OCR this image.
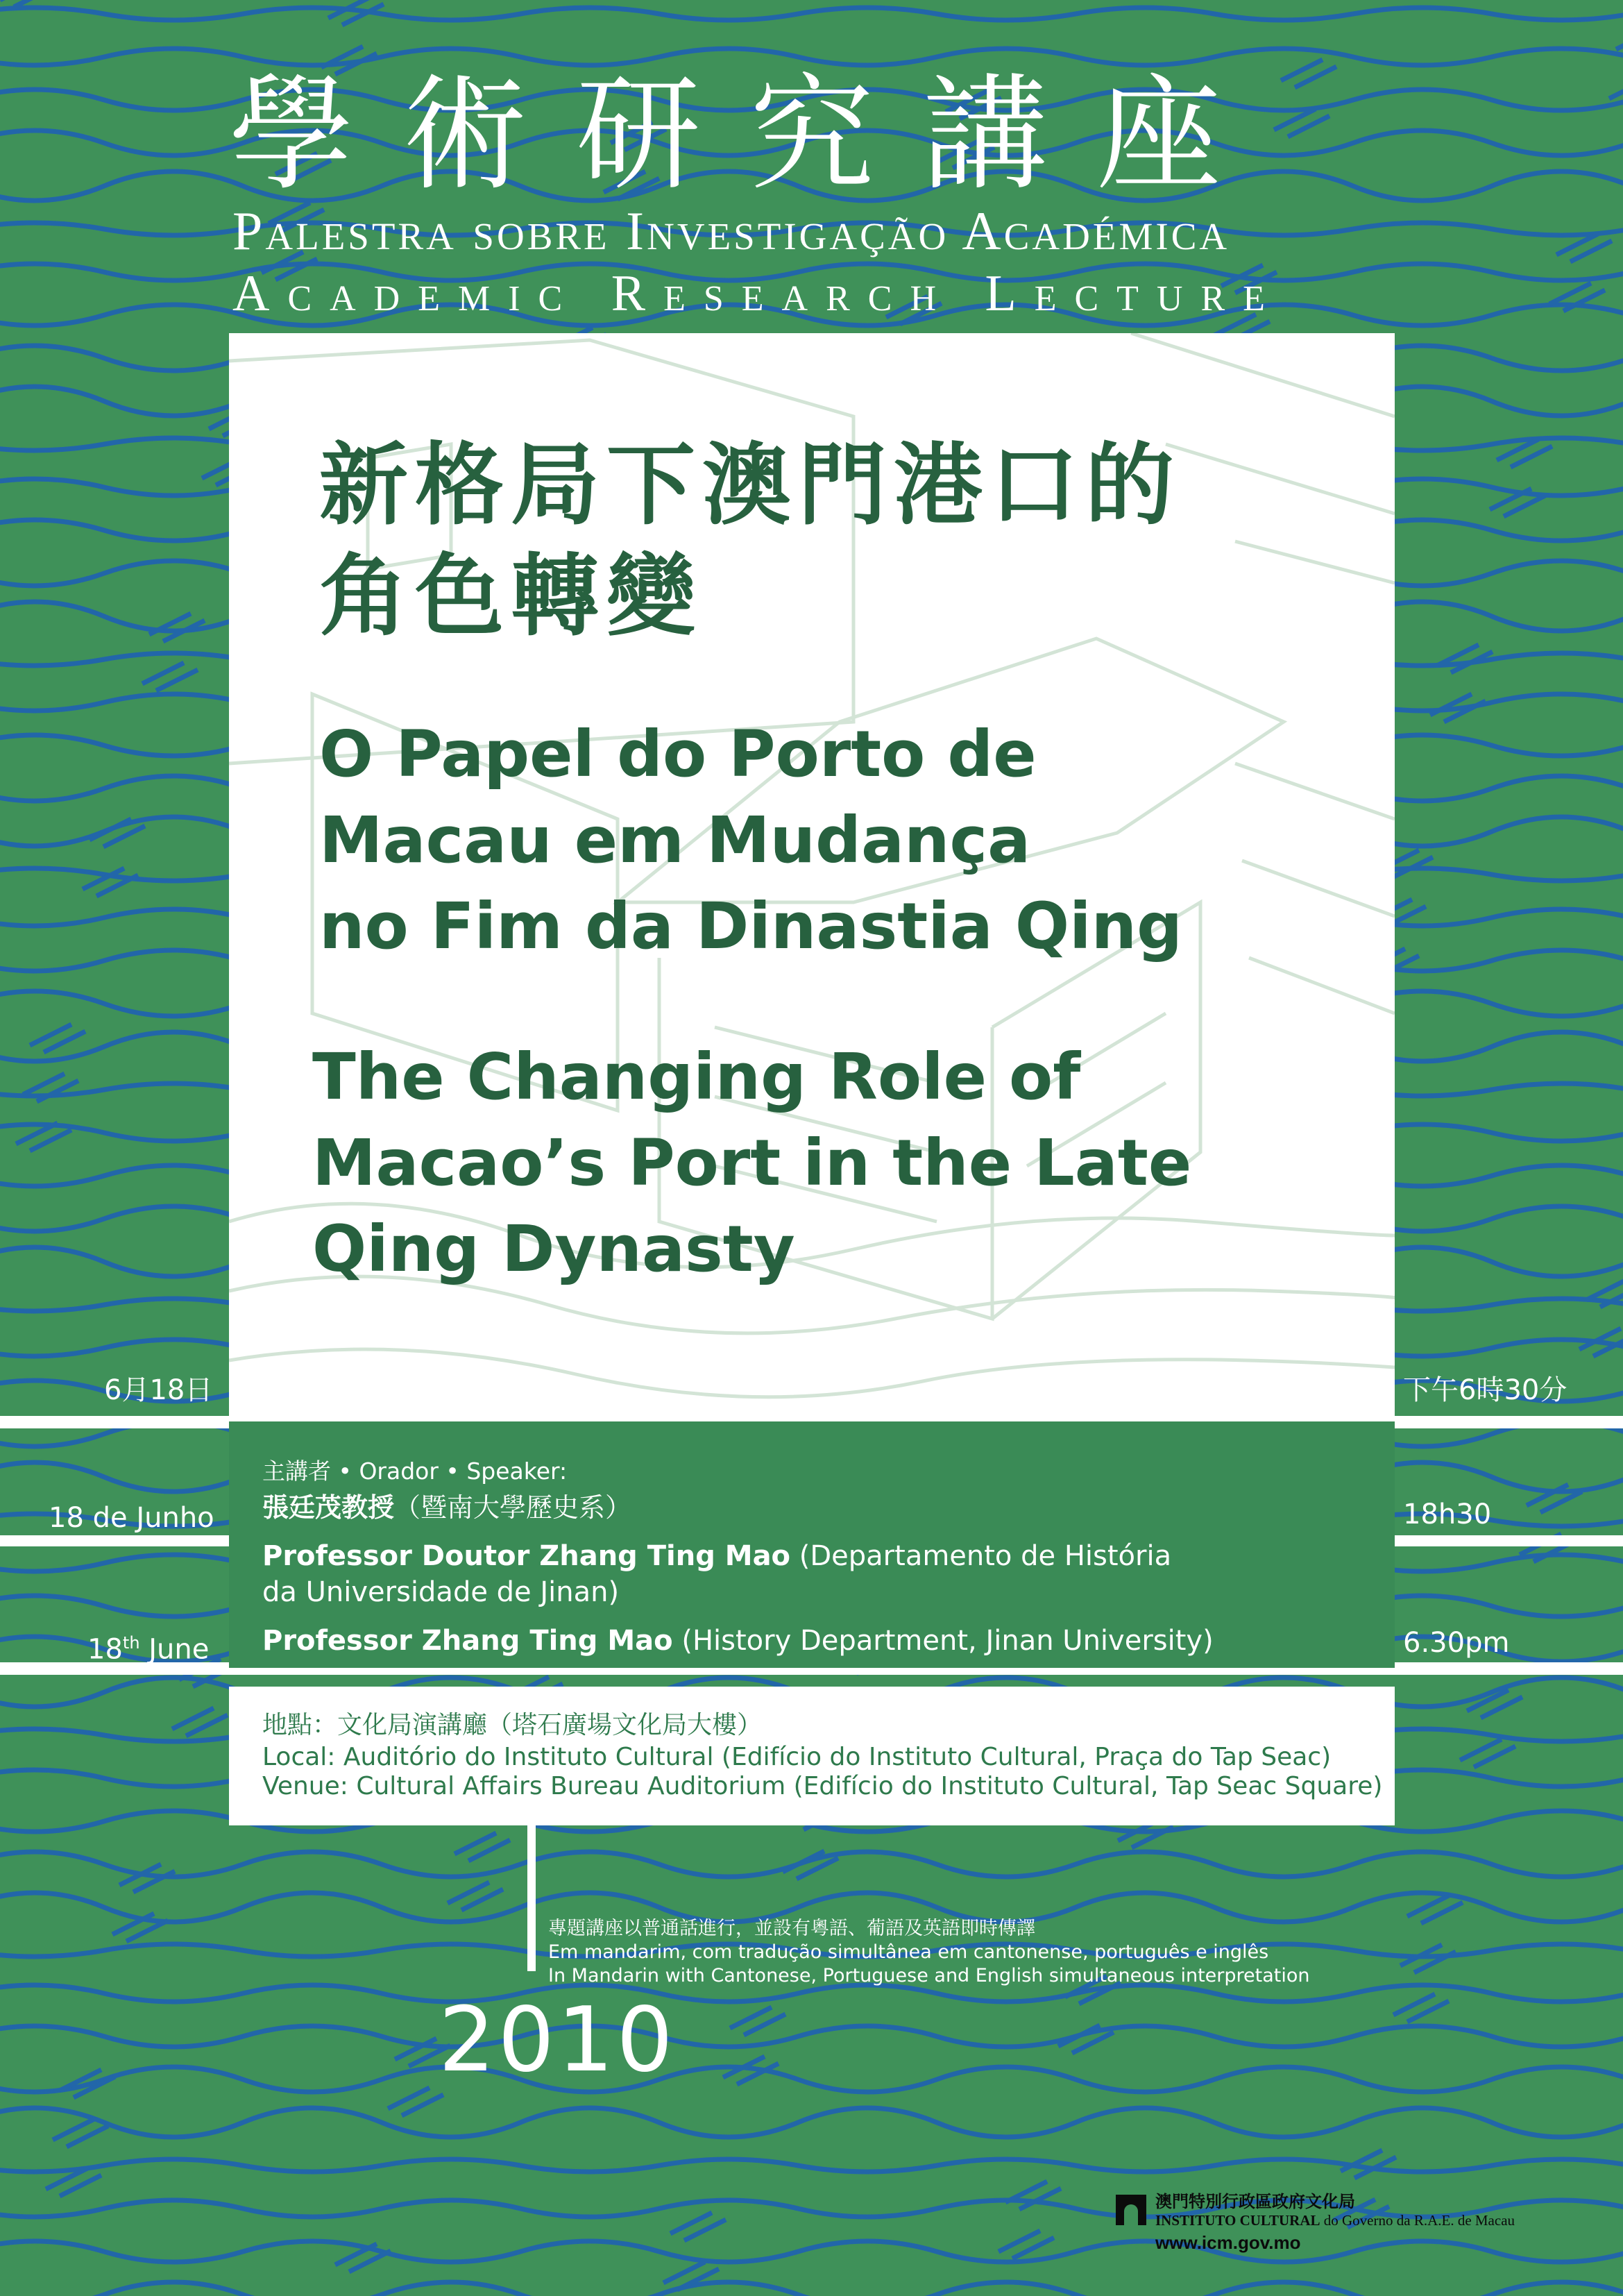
學術研究講座
Palestra sobre Investigação Académica
Academic Research Lecture
新格局下澳門港口的
角色轉變
O Papel do Porto de
Macau em Mudança
no Fim da Dinastia Qing
The Changing Role of
Macao’s Port in the Late
Qing Dynasty
6月18日	下午6時30分
主講者 • Orador • Speaker:
張廷茂教授（暨南大學歷史系）
Professor Doutor Zhang Ting Mao (Departamento de História
da Universidade de Jinan)
Professor Zhang Ting Mao (History Department, Jinan University)
18 de Junho	18h30
18th June	6.30pm
地點：文化局演講廳（塔石廣場文化局大樓）
Local: Auditório do Instituto Cultural (Edifício do Instituto Cultural, Praça do Tap Seac)
Venue: Cultural Affairs Bureau Auditorium (Edifício do Instituto Cultural, Tap Seac Square)
專題講座以普通話進行，並設有粵語、葡語及英語即時傳譯
Em mandarim, com tradução simultânea em cantonense, português e inglês
In Mandarin with Cantonese, Portuguese and English simultaneous interpretation
2010
澳門特別行政區政府文化局
INSTITUTO CULTURAL do Governo da R.A.E. de Macau
www.icm.gov.mo
